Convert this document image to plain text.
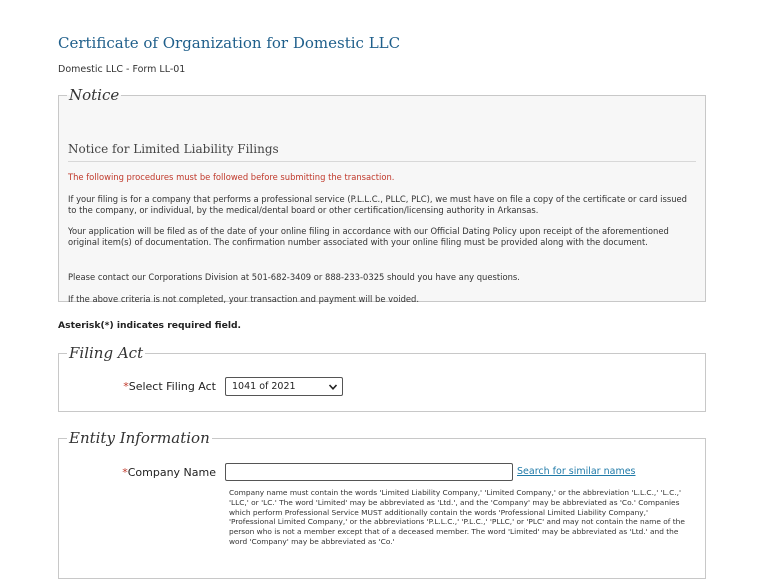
Certificate of Organization for Domestic LLC
Domestic LLC - Form LL-01
Notice
Notice for Limited Liability Filings

The following procedures must be followed before submitting the transaction.

If your filing is for a company that performs a professional service (P.L.L.C., PLLC, PLC), we must have on file a copy of the certificate or card issued to the company, or individual, by the medical/dental board or other certification/licensing authority in Arkansas.

Your application will be filed as of the date of your online filing in accordance with our Official Dating Policy upon receipt of the aforementioned original item(s) of documentation. The confirmation number associated with your online filing must be provided along with the document.

Please contact our Corporations Division at 501-682-3409 or 888-233-0325 should you have any questions.

If the above criteria is not completed, your transaction and payment will be voided.

Asterisk(*) indicates required field.
Filing Act
*Select Filing Act 1041 of 2021
Entity Information
*Company Name	Search for similar names
Company name must contain the words 'Limited Liability Company,' 'Limited Company,' or the abbreviation 'L.L.C.,' 'L.C.,' 'LLC,' or 'LC.' The word 'Limited' may be abbreviated as 'Ltd.', and the 'Company' may be abbreviated as 'Co.' Companies which perform Professional Service MUST additionally contain the words 'Professional Limited Liability Company,' 'Professional Limited Company,' or the abbreviations 'P.L.L.C.,' 'P.L.C.,' 'PLLC,' or 'PLC' and may not contain the name of the person who is not a member except that of a deceased member. The word 'Limited' may be abbreviated as 'Ltd.' and the word 'Company' may be abbreviated as 'Co.'
